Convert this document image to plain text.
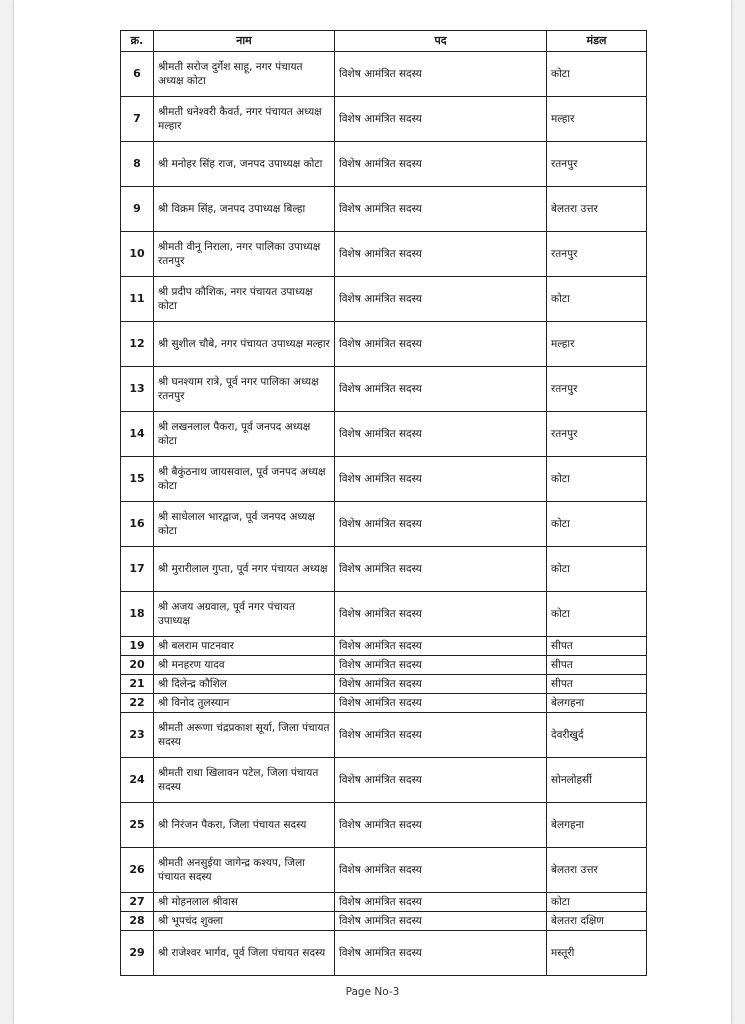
क्र.	नाम	पद	मंडल
6	श्रीमती सरोज दुर्गेश साहू, नगर पंचायत अध्यक्ष कोटा	विशेष आमंत्रित सदस्य	कोटा
7	श्रीमती धनेश्वरी कैवर्त, नगर पंचायत अध्यक्ष मल्हार	विशेष आमंत्रित सदस्य	मल्हार
8	श्री मनोहर सिंह राज, जनपद उपाध्यक्ष कोटा	विशेष आमंत्रित सदस्य	रतनपुर
9	श्री विक्रम सिंह, जनपद उपाध्यक्ष बिल्हा	विशेष आमंत्रित सदस्य	बेलतरा उत्तर
10	श्रीमती वीनू निराला, नगर पालिका उपाध्यक्ष रतनपुर	विशेष आमंत्रित सदस्य	रतनपुर
11	श्री प्रदीप कौशिक, नगर पंचायत उपाध्यक्ष कोटा	विशेष आमंत्रित सदस्य	कोटा
12	श्री सुशील चौबे, नगर पंचायत उपाध्यक्ष मल्हार	विशेष आमंत्रित सदस्य	मल्हार
13	श्री घनश्याम रात्रे, पूर्व नगर पालिका अध्यक्ष रतनपुर	विशेष आमंत्रित सदस्य	रतनपुर
14	श्री लखनलाल पैकरा, पूर्व जनपद अध्यक्ष कोटा	विशेष आमंत्रित सदस्य	रतनपुर
15	श्री बैकुंठनाथ जायसवाल, पूर्व जनपद अध्यक्ष कोटा	विशेष आमंत्रित सदस्य	कोटा
16	श्री साधेलाल भारद्वाज, पूर्व जनपद अध्यक्ष कोटा	विशेष आमंत्रित सदस्य	कोटा
17	श्री मुरारीलाल गुप्ता, पूर्व नगर पंचायत अध्यक्ष	विशेष आमंत्रित सदस्य	कोटा
18	श्री अजय अग्रवाल, पूर्व नगर पंचायत उपाध्यक्ष	विशेष आमंत्रित सदस्य	कोटा
19	श्री बलराम पाटनवार	विशेष आमंत्रित सदस्य	सीपत
20	श्री मनहरण यादव	विशेष आमंत्रित सदस्य	सीपत
21	श्री दिलेन्द्र कौशिल	विशेष आमंत्रित सदस्य	सीपत
22	श्री विनोद तुलस्यान	विशेष आमंत्रित सदस्य	बेलगहना
23	श्रीमती अरूणा चंद्रप्रकाश सूर्या, जिला पंचायत सदस्य	विशेष आमंत्रित सदस्य	देवरीखुर्द
24	श्रीमती राधा खिलावन पटेल, जिला पंचायत सदस्य	विशेष आमंत्रित सदस्य	सोनलोहर्सी
25	श्री निरंजन पैकरा, जिला पंचायत सदस्य	विशेष आमंत्रित सदस्य	बेलगहना
26	श्रीमती अनसुईया जागेन्द्र कश्यप, जिला पंचायत सदस्य	विशेष आमंत्रित सदस्य	बेलतरा उत्तर
27	श्री मोहनलाल श्रीवास	विशेष आमंत्रित सदस्य	कोटा
28	श्री भूपचंद शुक्ला	विशेष आमंत्रित सदस्य	बेलतरा दक्षिण
29	श्री राजेश्वर भार्गव, पूर्व जिला पंचायत सदस्य	विशेष आमंत्रित सदस्य	मस्तूरी
Page No-3
